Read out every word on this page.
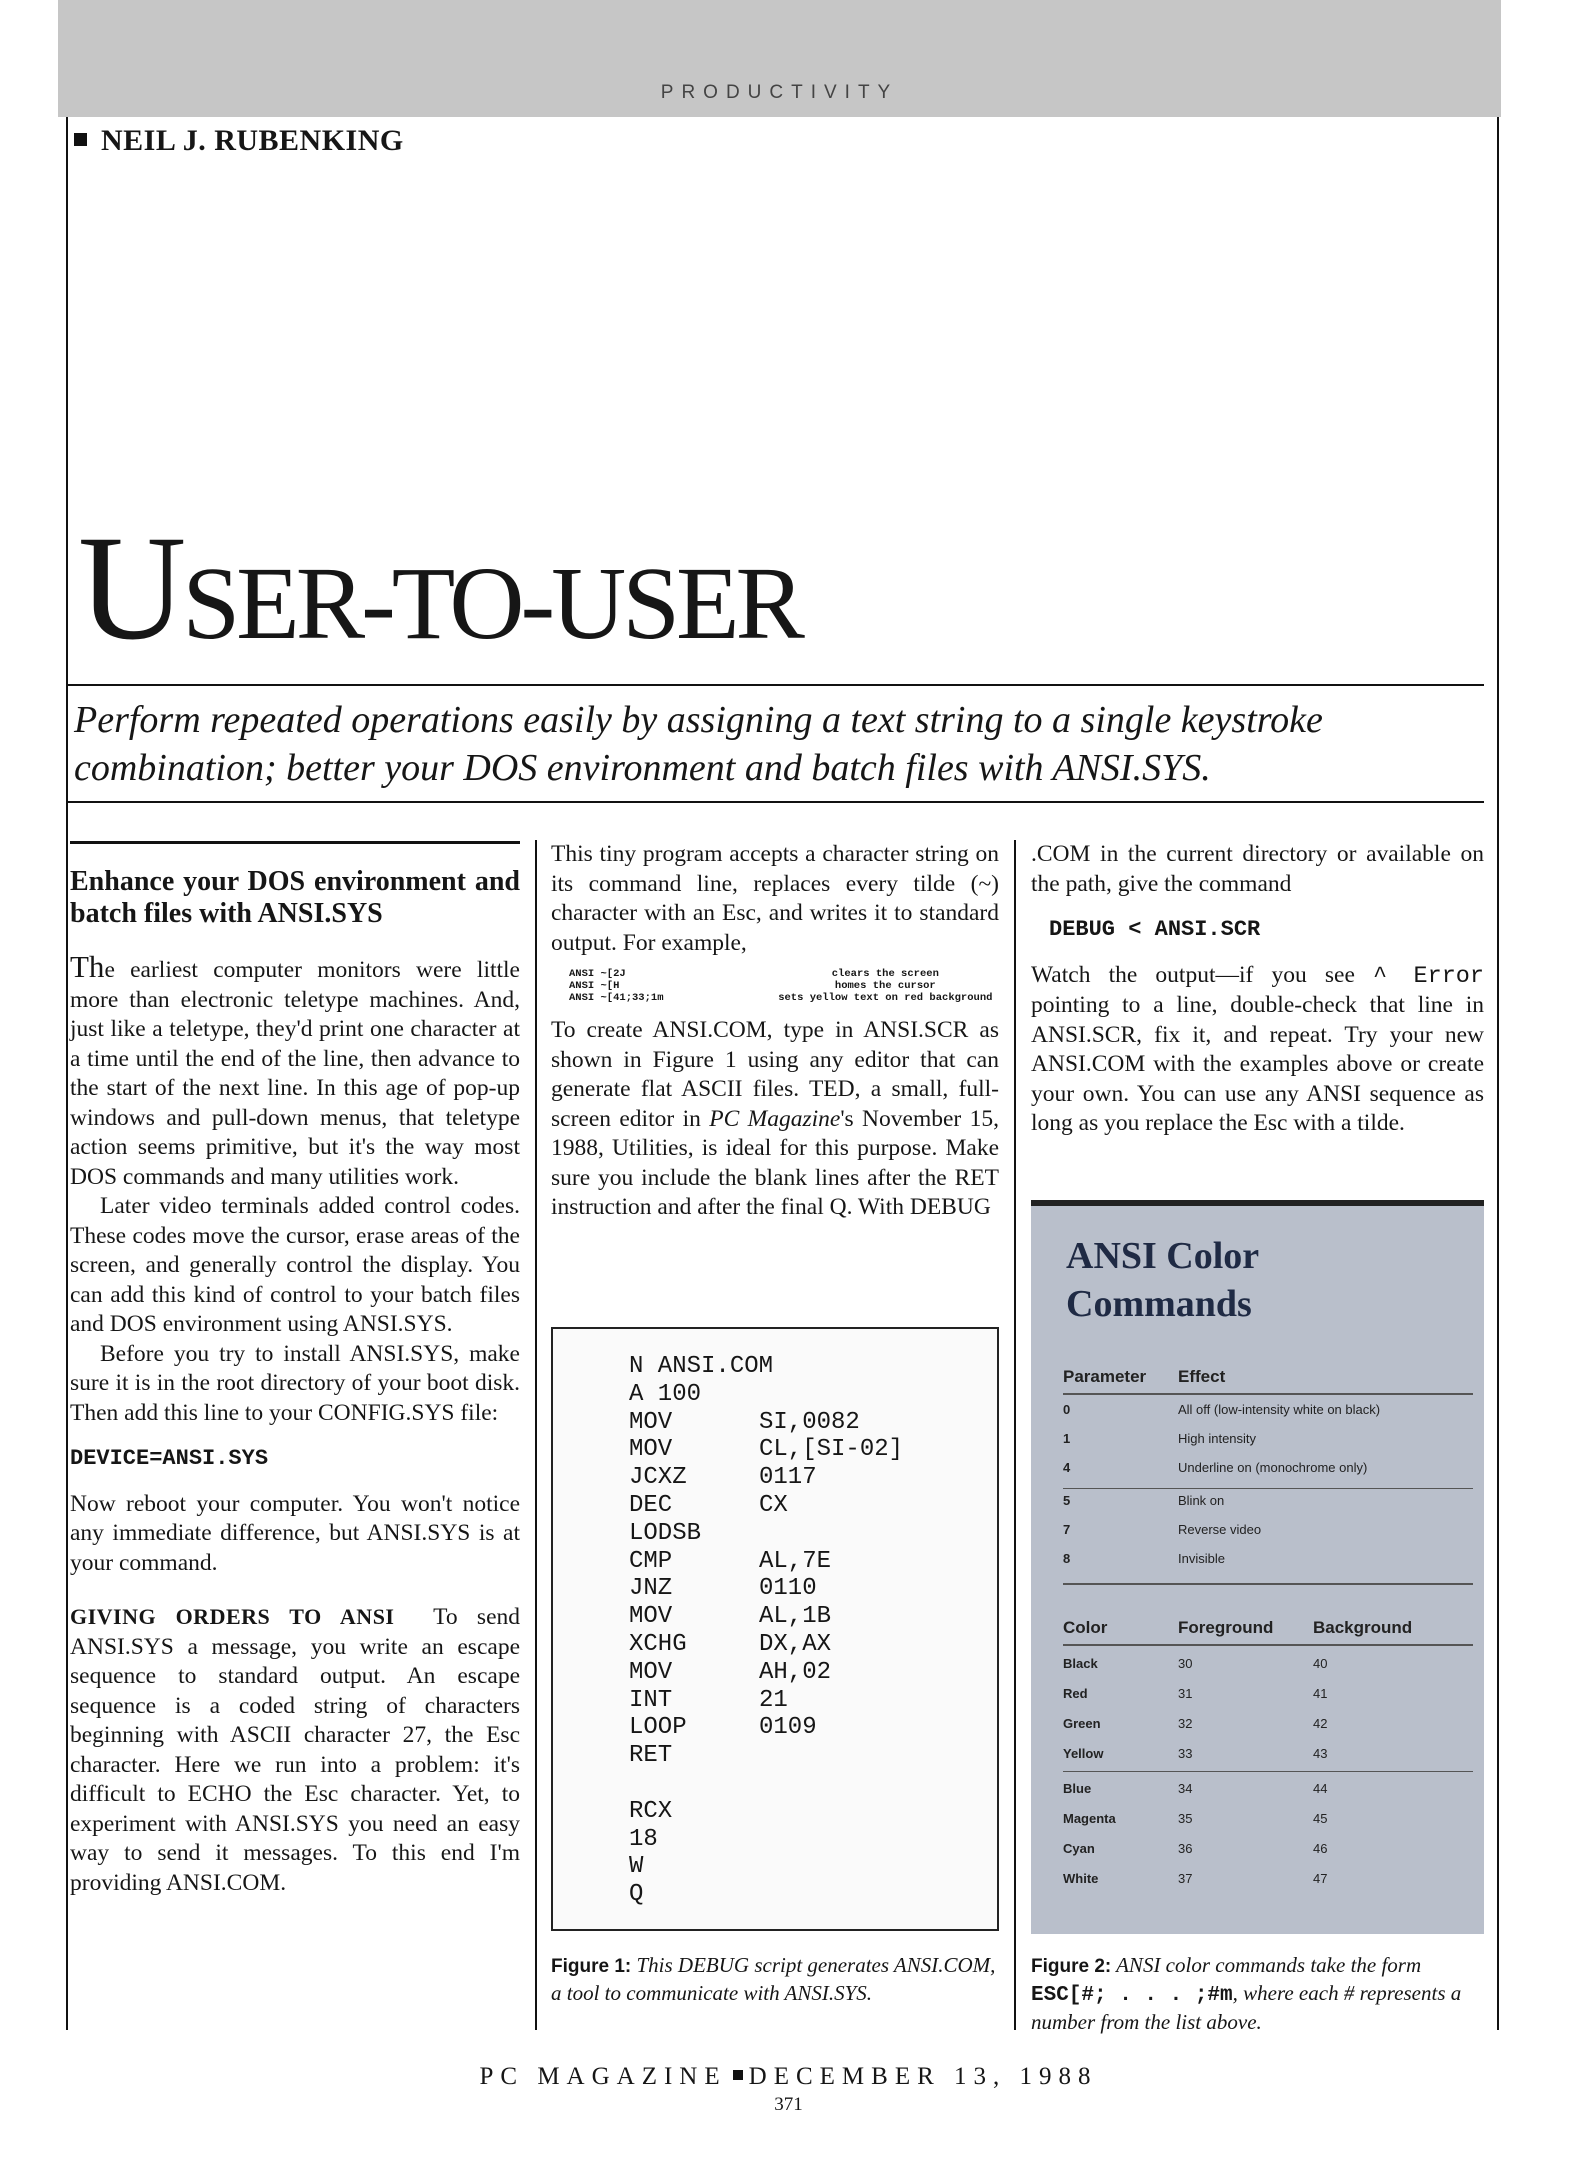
PRODUCTIVITY
NEIL J. RUBENKING
USER-TO-USER
Perform repeated operations easily by assigning a text string to a single keystroke combination; better your DOS environment and batch files with ANSI.SYS.
Enhance your DOS environment and batch files with ANSI.SYS

The earliest computer monitors were little more than electronic teletype machines. And, just like a teletype, they'd print one character at a time until the end of the line, then advance to the start of the next line. In this age of pop-up windows and pull-down menus, that teletype action seems primitive, but it's the way most DOS commands and many utilities work.

Later video terminals added control codes. These codes move the cursor, erase areas of the screen, and generally control the display. You can add this kind of control to your batch files and DOS environment using ANSI.SYS.

Before you try to install ANSI.SYS, make sure it is in the root directory of your boot disk. Then add this line to your CONFIG.SYS file:

DEVICE=ANSI.SYS

Now reboot your computer. You won't notice any immediate difference, but ANSI.SYS is at your command.

GIVING ORDERS TO ANSI To send ANSI.SYS a message, you write an escape sequence to standard output. An escape sequence is a coded string of characters beginning with ASCII character 27, the Esc character. Here we run into a problem: it's difficult to ECHO the Esc character. Yet, to experiment with ANSI.SYS you need an easy way to send it messages. To this end I'm providing ANSI.COM.

This tiny program accepts a character string on its command line, replaces every tilde (~) character with an Esc, and writes it to standard output. For example,

ANSI ~[2J	clears the screen
ANSI ~[H	homes the cursor
ANSI ~[41;33;1m	sets yellow text on red background

To create ANSI.COM, type in ANSI.SCR as shown in Figure 1 using any editor that can generate flat ASCII files. TED, a small, full-screen editor in PC Magazine's November 15, 1988, Utilities, is ideal for this purpose. Make sure you include the blank lines after the RET instruction and after the final Q. With DEBUG

N ANSI.COM
A 100
MOV	SI,0082
MOV	CL,[SI-02]
JCXZ	0117
DEC	CX
LODSB
CMP	AL,7E
JNZ	0110
MOV	AL,1B
XCHG	DX,AX
MOV	AH,02
INT	21
LOOP	0109
RET
RCX
18
W
Q
Figure 1: This DEBUG script generates ANSI.COM, a tool to communicate with ANSI.SYS.

.COM in the current directory or available on the path, give the command

DEBUG < ANSI.SCR

Watch the output—if you see ^ Error pointing to a line, double-check that line in ANSI.SCR, fix it, and repeat. Try your new ANSI.COM with the examples above or create your own. You can use any ANSI sequence as long as you replace the Esc with a tilde.

ANSI Color
Commands
Parameter Effect
0	All off (low-intensity white on black)
1	High intensity
4	Underline on (monochrome only)
5	Blink on
7	Reverse video
8	Invisible
Color	Foreground Background
Black	30	40
Red	31	41
Green	32	42
Yellow	33	43
Blue	34	44
Magenta	35	45
Cyan	36	46
White	37	47
Figure 2: ANSI color commands take the form ESC[#; . . . ;#m, where each # represents a number from the list above.
PC MAGAZINE DECEMBER 13, 1988
371
